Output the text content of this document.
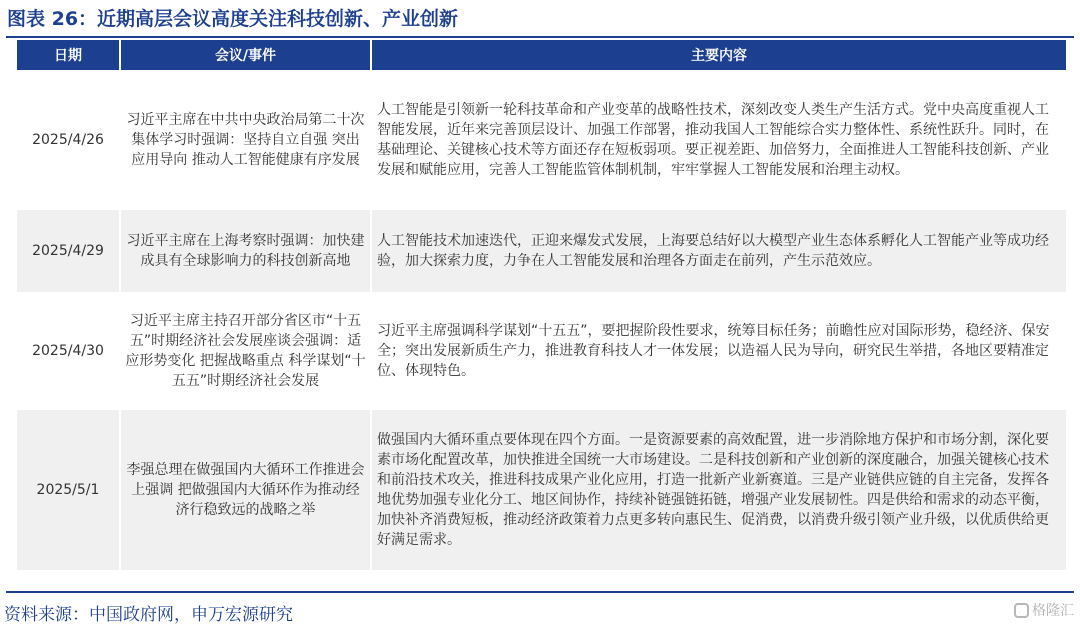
图表 26：近期高层会议高度关注科技创新、产业创新
日期	会议/事件	主要内容

2025/4/26	习近平主席在中共中央政治局第二十次集体学习时强调：坚持自立自强 突出应用导向 推动人工智能健康有序发展	人工智能是引领新一轮科技革命和产业变革的战略性技术，深刻改变人类生产生活方式。党中央高度重视人工智能发展，近年来完善顶层设计、加强工作部署，推动我国人工智能综合实力整体性、系统性跃升。同时，在基础理论、关键核心技术等方面还存在短板弱项。要正视差距、加倍努力，全面推进人工智能科技创新、产业发展和赋能应用，完善人工智能监管体制机制，牢牢掌握人工智能发展和治理主动权。

2025/4/29	习近平主席在上海考察时强调：加快建成具有全球影响力的科技创新高地	人工智能技术加速迭代，正迎来爆发式发展，上海要总结好以大模型产业生态体系孵化人工智能产业等成功经验，加大探索力度，力争在人工智能发展和治理各方面走在前列，产生示范效应。

2025/4/30	习近平主席主持召开部分省区市“十五五”时期经济社会发展座谈会强调：适应形势变化 把握战略重点 科学谋划“十五五”时期经济社会发展	习近平主席强调科学谋划“十五五”，要把握阶段性要求，统筹目标任务；前瞻性应对国际形势，稳经济、保安全；突出发展新质生产力，推进教育科技人才一体发展；以造福人民为导向，研究民生举措，各地区要精准定位、体现特色。

2025/5/1	李强总理在做强国内大循环工作推进会上强调 把做强国内大循环作为推动经济行稳致远的战略之举	做强国内大循环重点要体现在四个方面。一是资源要素的高效配置，进一步消除地方保护和市场分割，深化要素市场化配置改革，加快推进全国统一大市场建设。二是科技创新和产业创新的深度融合，加强关键核心技术和前沿技术攻关，推进科技成果产业化应用，打造一批新产业新赛道。三是产业链供应链的自主完备，发挥各地优势加强专业化分工、地区间协作，持续补链强链拓链，增强产业发展韧性。四是供给和需求的动态平衡，加快补齐消费短板，推动经济政策着力点更多转向惠民生、促消费，以消费升级引领产业升级，以优质供给更好满足需求。
资料来源：中国政府网，申万宏源研究	格隆汇
